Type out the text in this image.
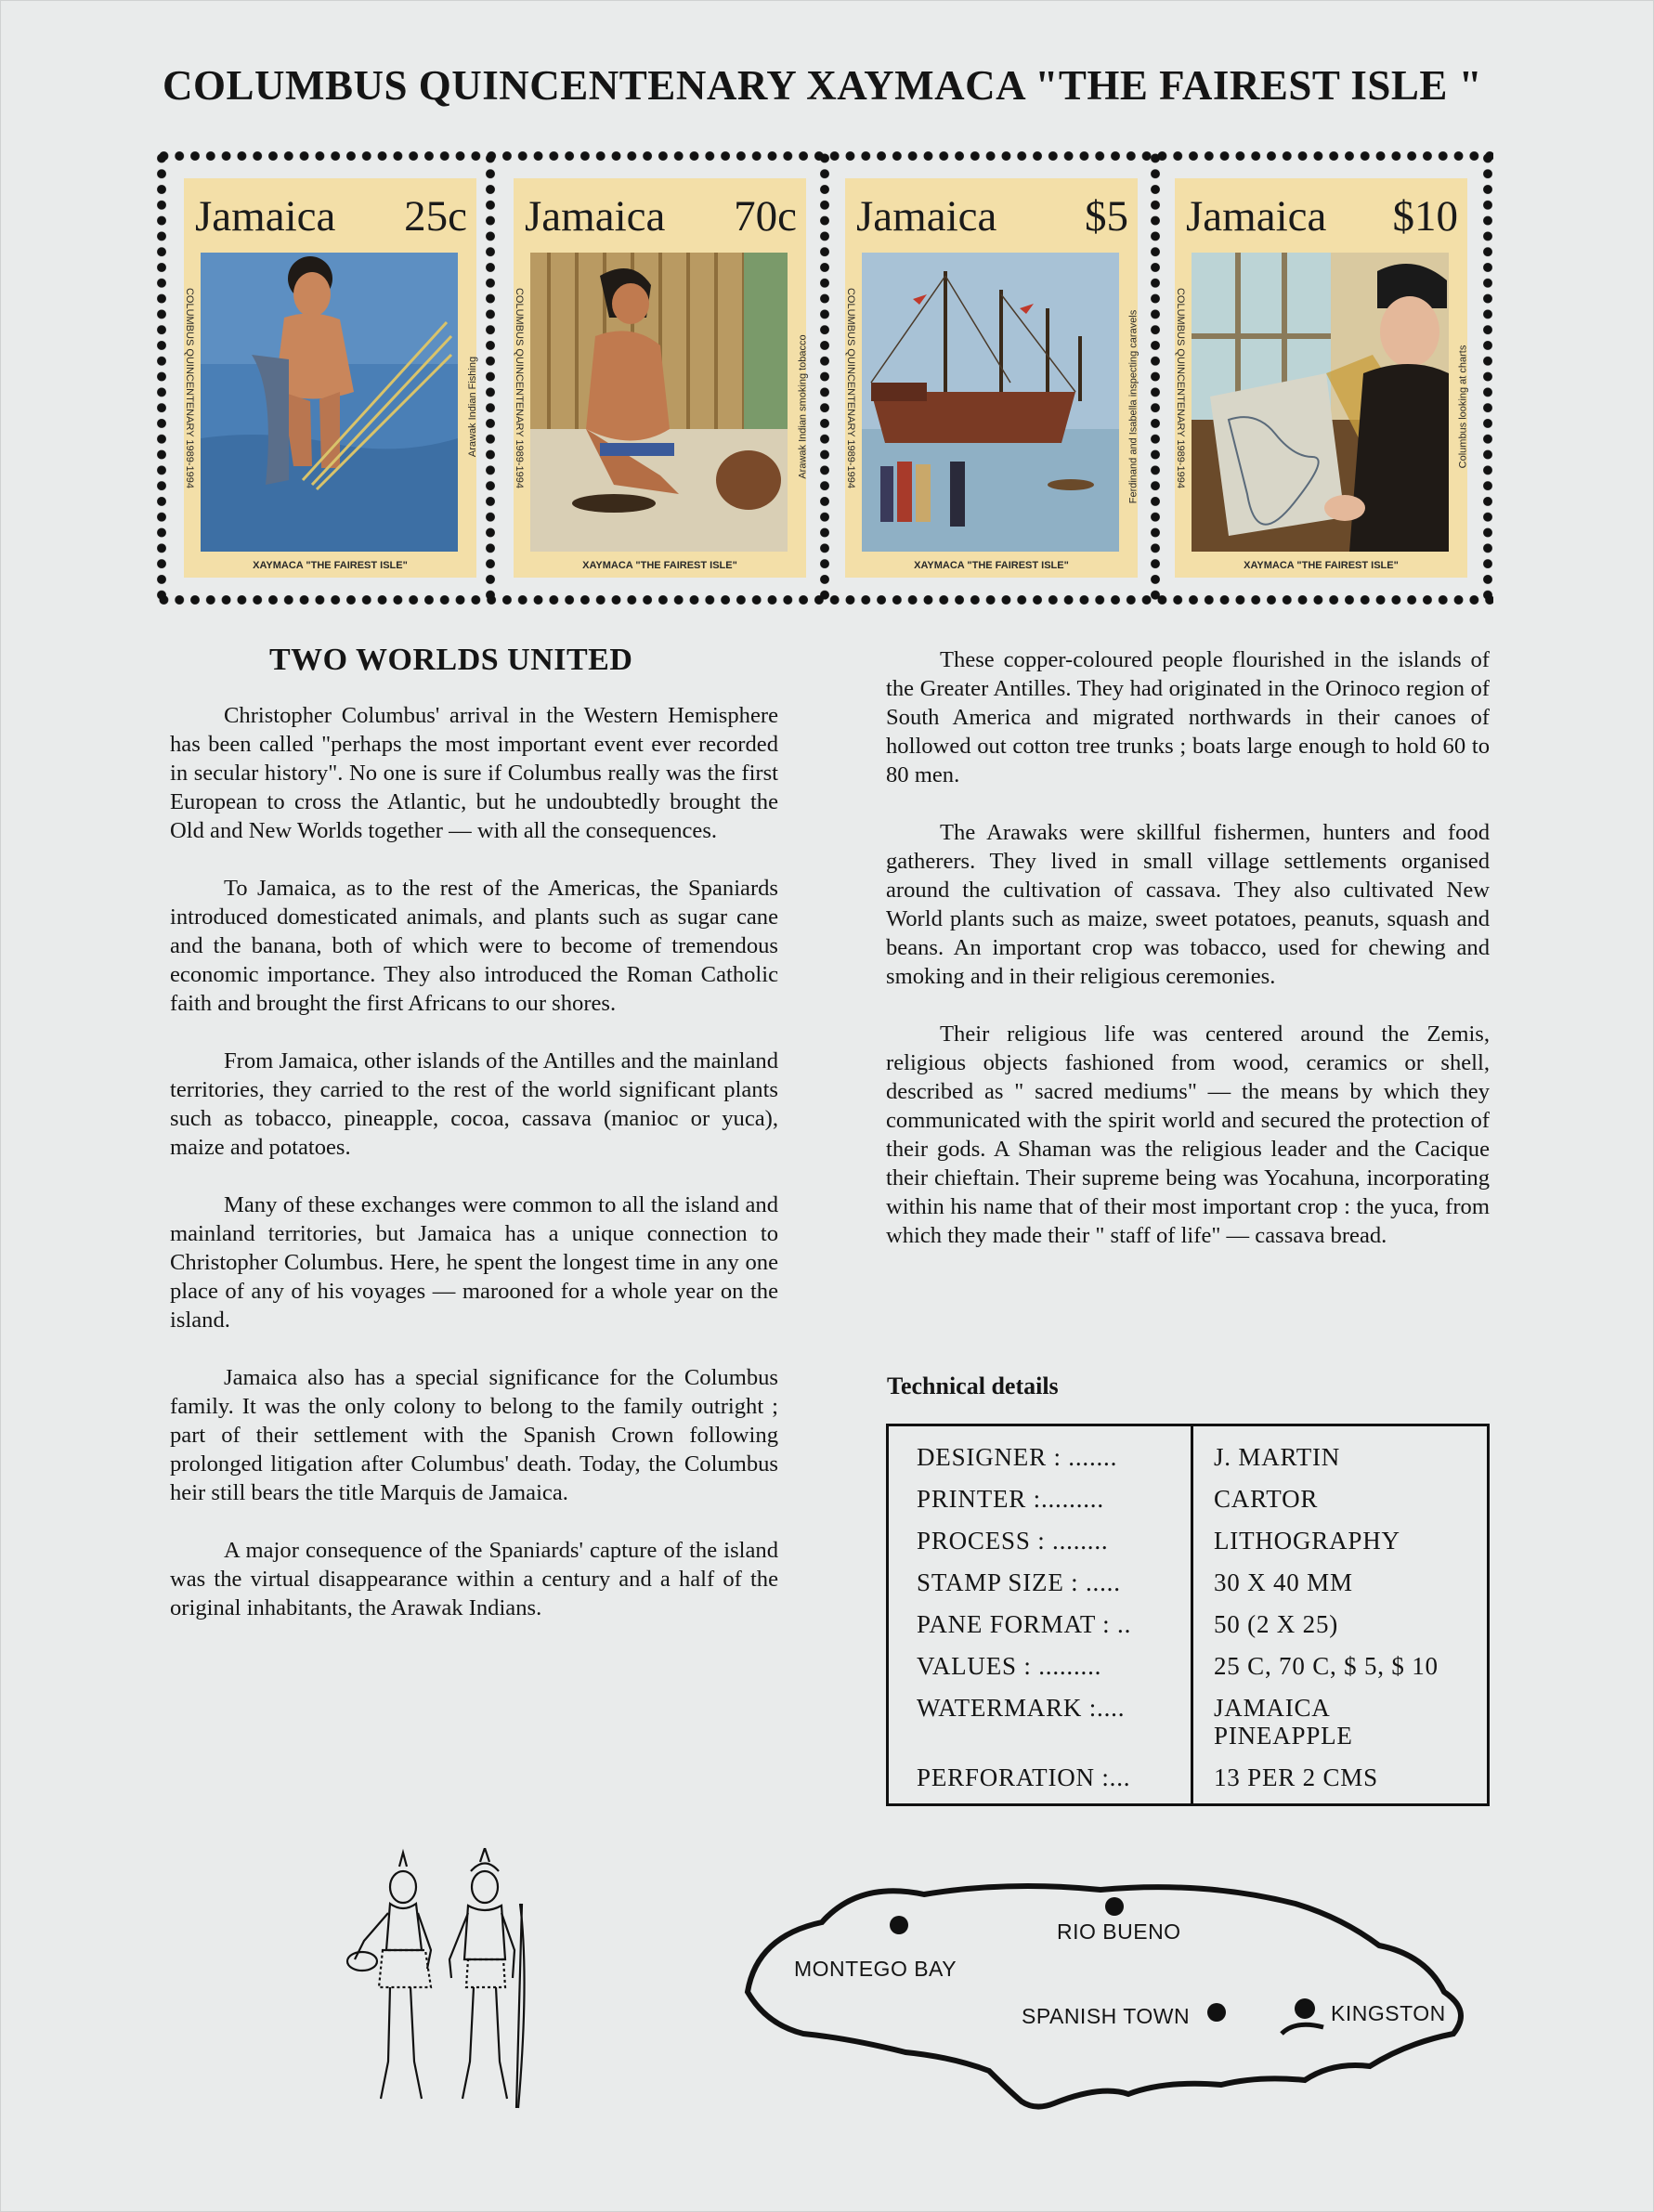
COLUMBUS QUINCENTENARY XAYMACA "THE FAIREST ISLE "
Jamaica 25c
COLUMBUS QUINCENTENARY 1989-1994	Arawak Indian Fishing
XAYMACA "THE FAIREST ISLE"
Jamaica 70c
COLUMBUS QUINCENTENARY 1989-1994	Arawak Indian smoking tobacco
XAYMACA "THE FAIREST ISLE"
Jamaica $5
COLUMBUS QUINCENTENARY 1989-1994	Ferdinand and Isabella inspecting caravels
XAYMACA "THE FAIREST ISLE"
Jamaica $10
COLUMBUS QUINCENTENARY 1989-1994	Columbus looking at charts
XAYMACA "THE FAIREST ISLE"
TWO WORLDS UNITED

Christopher Columbus' arrival in the Western Hemisphere has been called "perhaps the most important event ever recorded in secular history". No one is sure if Columbus really was the first European to cross the Atlantic, but he undoubtedly brought the Old and New Worlds together — with all the consequences.

To Jamaica, as to the rest of the Americas, the Spaniards introduced domesticated animals, and plants such as sugar cane and the banana, both of which were to become of tremendous economic importance. They also introduced the Roman Catholic faith and brought the first Africans to our shores.

From Jamaica, other islands of the Antilles and the mainland territories, they carried to the rest of the world significant plants such as tobacco, pineapple, cocoa, cassava (manioc or yuca), maize and potatoes.

Many of these exchanges were common to all the island and mainland territories, but Jamaica has a unique connection to Christopher Columbus. Here, he spent the longest time in any one place of any of his voyages — marooned for a whole year on the island.

Jamaica also has a special significance for the Columbus family. It was the only colony to belong to the family outright ; part of their settlement with the Spanish Crown following prolonged litigation after Columbus' death. Today, the Columbus heir still bears the title Marquis de Jamaica.

A major consequence of the Spaniards' capture of the island was the virtual disappearance within a century and a half of the original inhabitants, the Arawak Indians.

These copper-coloured people flourished in the islands of the Greater Antilles. They had originated in the Orinoco region of South America and migrated northwards in their canoes of hollowed out cotton tree trunks ; boats large enough to hold 60 to 80 men.

The Arawaks were skillful fishermen, hunters and food gatherers. They lived in small village settlements organised around the cultivation of cassava. They also cultivated New World plants such as maize, sweet potatoes, peanuts, squash and beans. An important crop was tobacco, used for chewing and smoking and in their religious ceremonies.

Their religious life was centered around the Zemis, religious objects fashioned from wood, ceramics or shell, described as " sacred mediums" — the means by which they communicated with the spirit world and secured the protection of their gods. A Shaman was the religious leader and the Cacique their chieftain. Their supreme being was Yocahuna, incorporating within his name that of their most important crop : the yuca, from which they made their " staff of life" — cassava bread.

Technical details
DESIGNER : .......	J. MARTIN
PRINTER :.........	CARTOR
PROCESS : ........	LITHOGRAPHY
STAMP SIZE : .....	30 X 40 MM
PANE FORMAT : ..	50 (2 X 25)
VALUES : .........	25 C, 70 C, $ 5, $ 10
WATERMARK :....	JAMAICA PINEAPPLE
PERFORATION :...	13 PER 2 CMS
MONTEGO BAY
RIO BUENO
SPANISH TOWN	KINGSTON
